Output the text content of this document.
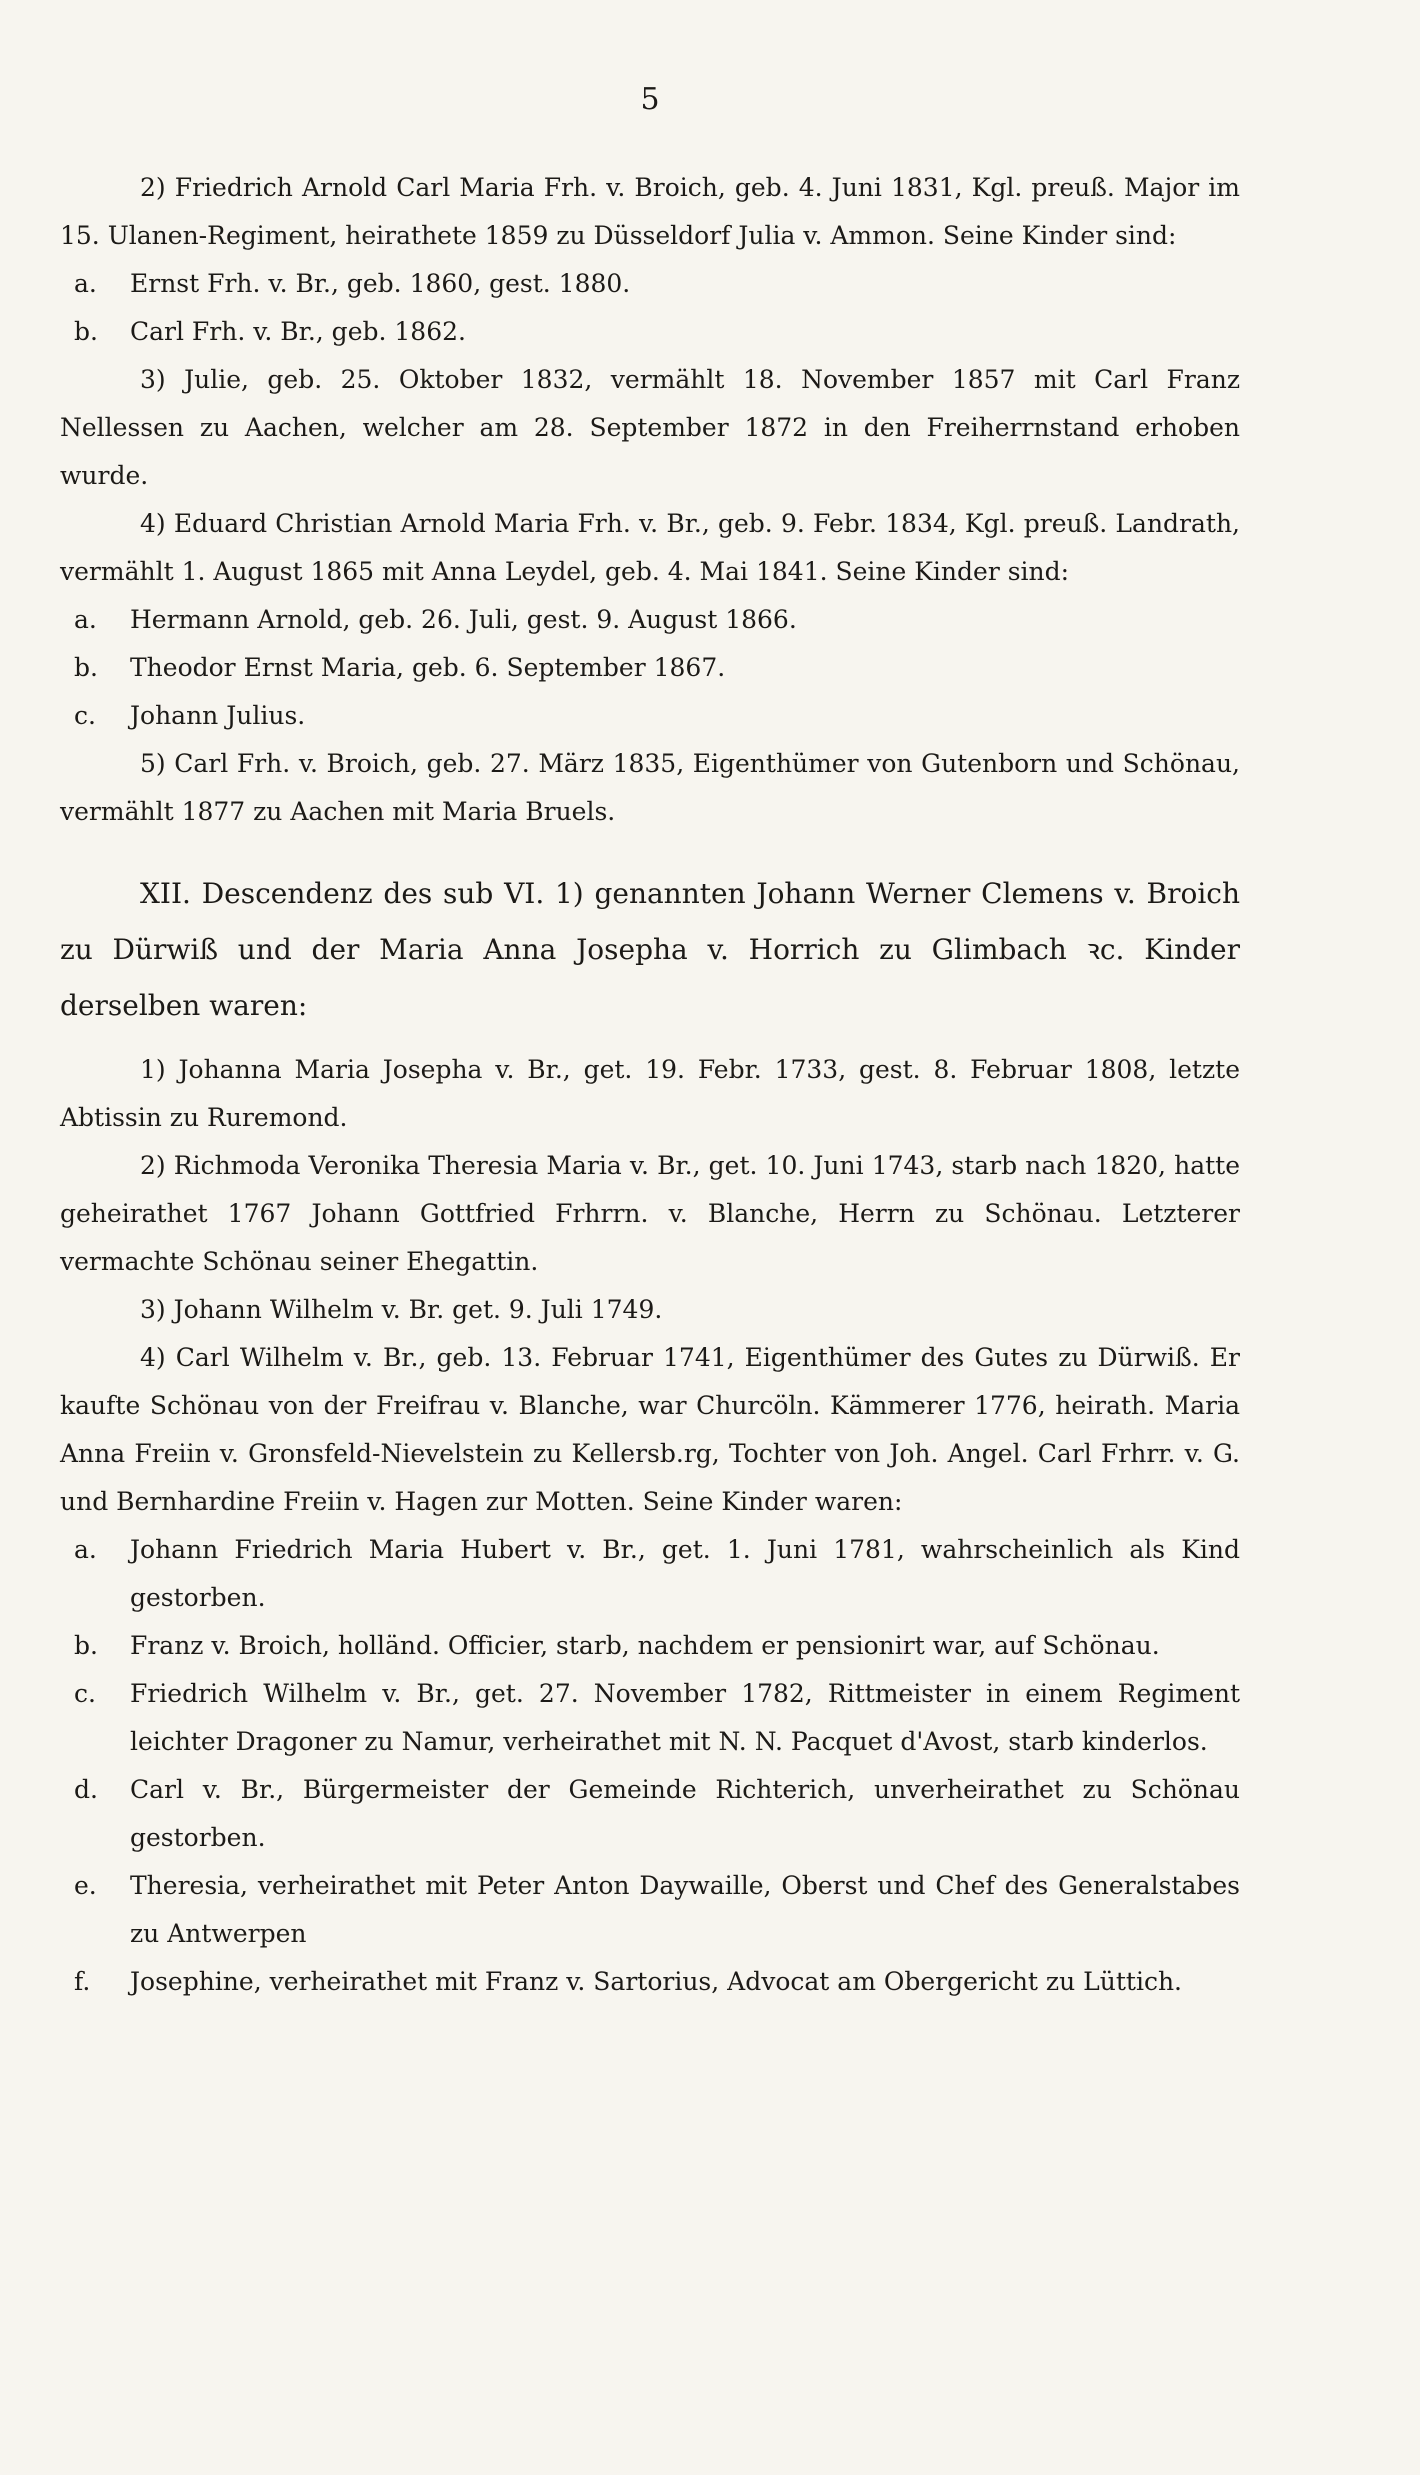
5

2) Friedrich Arnold Carl Maria Frh. v. Broich, geb. 4. Juni 1831, Kgl. preuß. Major im 15. Ulanen-Regiment, heirathete 1859 zu Düsseldorf Julia v. Ammon. Seine Kinder sind:

a. Ernst Frh. v. Br., geb. 1860, gest. 1880.
b. Carl Frh. v. Br., geb. 1862.

3) Julie, geb. 25. Oktober 1832, vermählt 18. November 1857 mit Carl Franz Nellessen zu Aachen, welcher am 28. September 1872 in den Freiherrnstand erhoben wurde.

4) Eduard Christian Arnold Maria Frh. v. Br., geb. 9. Febr. 1834, Kgl. preuß. Landrath, vermählt 1. August 1865 mit Anna Leydel, geb. 4. Mai 1841. Seine Kinder sind:

a. Hermann Arnold, geb. 26. Juli, gest. 9. August 1866.
b. Theodor Ernst Maria, geb. 6. September 1867.
c. Johann Julius.

5) Carl Frh. v. Broich, geb. 27. März 1835, Eigenthümer von Gutenborn und Schönau, vermählt 1877 zu Aachen mit Maria Bruels.

XII. Descendenz des sub VI. 1) genannten Johann Werner Clemens v. Broich zu Dürwiß und der Maria Anna Josepha v. Horrich zu Glimbach ꝛc. Kinder derselben waren:

1) Johanna Maria Josepha v. Br., get. 19. Febr. 1733, gest. 8. Februar 1808, letzte Abtissin zu Ruremond.

2) Richmoda Veronika Theresia Maria v. Br., get. 10. Juni 1743, starb nach 1820, hatte geheirathet 1767 Johann Gottfried Frhrrn. v. Blanche, Herrn zu Schönau. Letzterer vermachte Schönau seiner Ehegattin.

3) Johann Wilhelm v. Br. get. 9. Juli 1749.

4) Carl Wilhelm v. Br., geb. 13. Februar 1741, Eigenthümer des Gutes zu Dürwiß. Er kaufte Schönau von der Freifrau v. Blanche, war Churcöln. Kämmerer 1776, heirath. Maria Anna Freiin v. Gronsfeld-Nievelstein zu Kellersb.rg, Tochter von Joh. Angel. Carl Frhrr. v. G. und Bernhardine Freiin v. Hagen zur Motten. Seine Kinder waren:

a. Johann Friedrich Maria Hubert v. Br., get. 1. Juni 1781, wahrscheinlich als Kind gestorben.
b. Franz v. Broich, holländ. Officier, starb, nachdem er pensionirt war, auf Schönau.
c. Friedrich Wilhelm v. Br., get. 27. November 1782, Rittmeister in einem Regiment leichter Dragoner zu Namur, verheirathet mit N. N. Pacquet d'Avost, starb kinderlos.
d. Carl v. Br., Bürgermeister der Gemeinde Richterich, unverheirathet zu Schönau gestorben.
e. Theresia, verheirathet mit Peter Anton Daywaille, Oberst und Chef des Generalstabes zu Antwerpen
f. Josephine, verheirathet mit Franz v. Sartorius, Advocat am Obergericht zu Lüttich.
